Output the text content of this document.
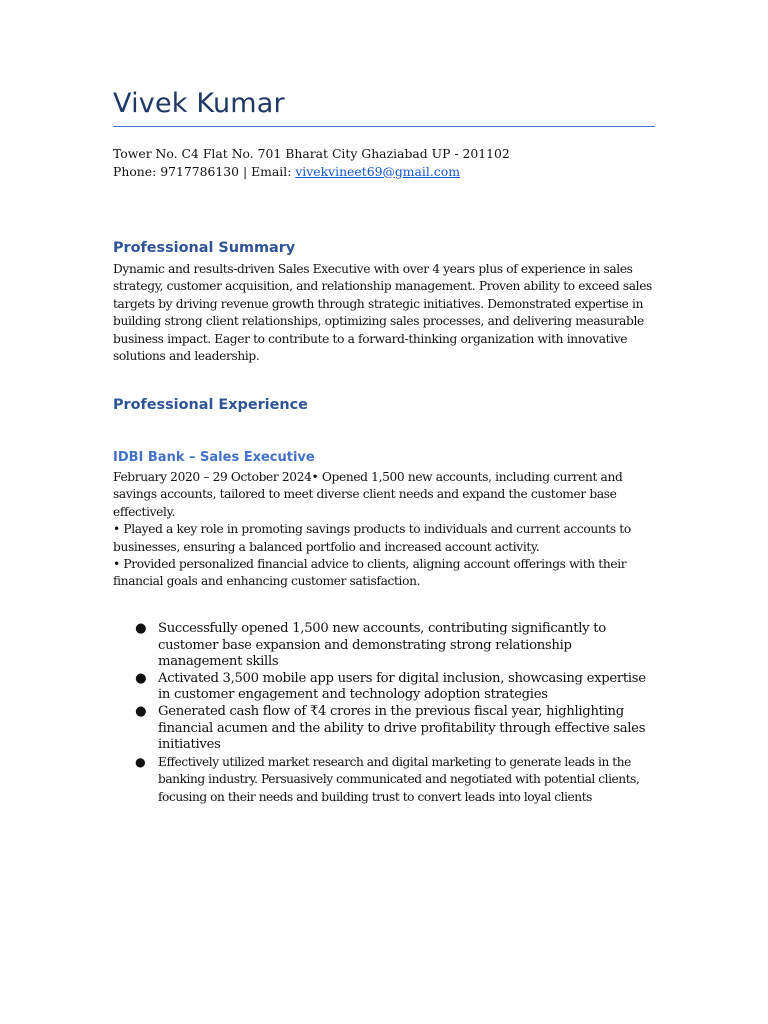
Vivek Kumar
Tower No. C4 Flat No. 701 Bharat City Ghaziabad UP - 201102
Phone: 9717786130 | Email: vivekvineet69@gmail.com
Professional Summary
Dynamic and results-driven Sales Executive with over 4 years plus of experience in sales
strategy, customer acquisition, and relationship management. Proven ability to exceed sales
targets by driving revenue growth through strategic initiatives. Demonstrated expertise in
building strong client relationships, optimizing sales processes, and delivering measurable
business impact. Eager to contribute to a forward-thinking organization with innovative
solutions and leadership.
Professional Experience
IDBI Bank – Sales Executive
February 2020 – 29 October 2024• Opened 1,500 new accounts, including current and
savings accounts, tailored to meet diverse client needs and expand the customer base
effectively.
• Played a key role in promoting savings products to individuals and current accounts to
businesses, ensuring a balanced portfolio and increased account activity.
• Provided personalized financial advice to clients, aligning account offerings with their
financial goals and enhancing customer satisfaction.
● Successfully opened 1,500 new accounts, contributing significantly to
customer base expansion and demonstrating strong relationship
management skills
● Activated 3,500 mobile app users for digital inclusion, showcasing expertise
in customer engagement and technology adoption strategies
● Generated cash flow of ₹4 crores in the previous fiscal year, highlighting
financial acumen and the ability to drive profitability through effective sales
initiatives
● Effectively utilized market research and digital marketing to generate leads in the
banking industry. Persuasively communicated and negotiated with potential clients,
focusing on their needs and building trust to convert leads into loyal clients
